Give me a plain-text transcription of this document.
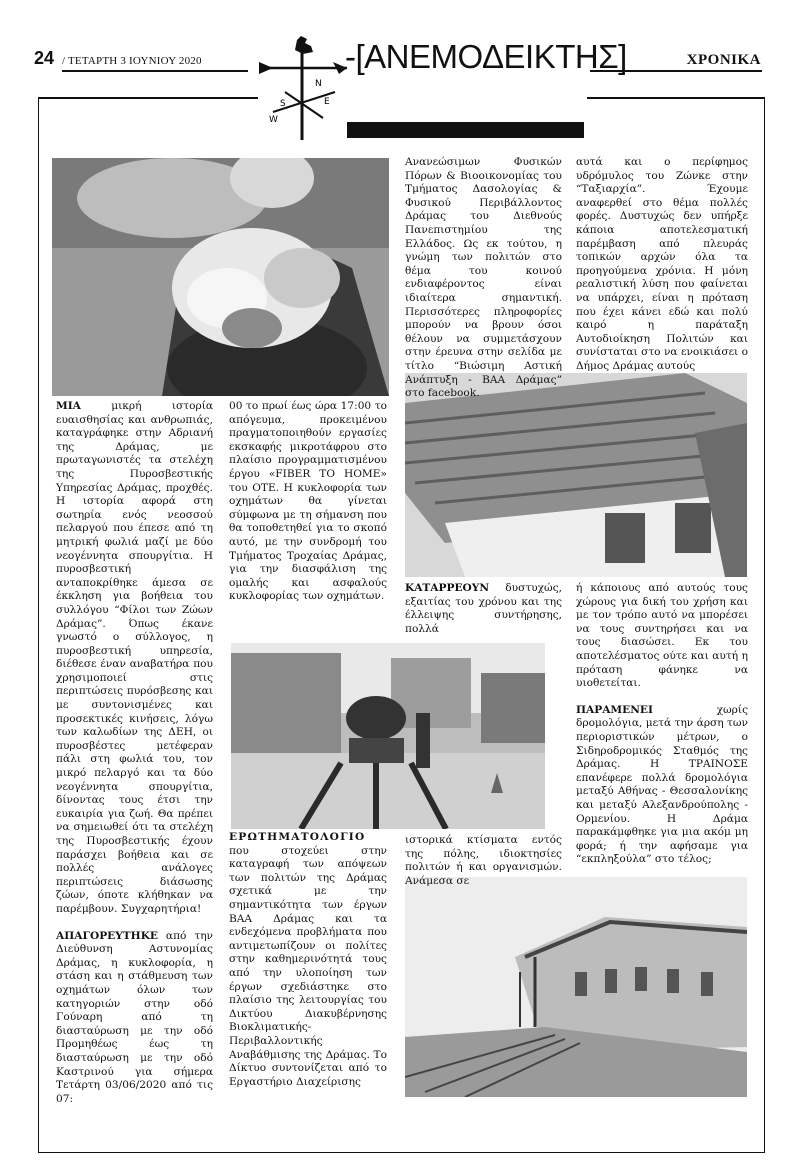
24 / ΤΕΤΑΡΤΗ 3 ΙΟΥΝΙΟΥ 2020
N
E
S
W
-[ΑΝΕΜΟΔΕΙΚΤΗΣ]	ΧΡΟΝΙΚΑ

ΜΙΑ	μικρή ιστορία ευαισθησίας και ανθρωπιάς, καταγράφηκε στην Αδριανή της Δράμας, με πρωταγωνιστές τα στελέχη της Πυροσβεστικής Υπηρεσίας Δράμας, προχθές. Η ιστορία αφορά στη σωτηρία ενός νεοσσού πελαργού που έπεσε από τη μητρική φωλιά μαζί με δύο νεογέννητα σπουργίτια. Η πυροσβεστική ανταποκρίθηκε άμεσα σε έκκληση για βοήθεια του συλλόγου “Φίλοι των Ζώων Δράμας”. Όπως έκανε γνωστό ο σύλλογος, η πυροσβεστική υπηρεσία, διέθεσε έναν αναβατήρα που χρησιμοποιεί στις περιπτώσεις πυρόσβεσης και με συντονισμένες και προσεκτικές κινήσεις, λόγω των καλωδίων της ΔΕΗ, οι πυροσβέστες μετέφεραν πάλι στη φωλιά του, τον μικρό πελαργό και τα δύο νεογέννητα σπουργίτια, δίνοντας τους έτσι την ευκαιρία για ζωή. Θα πρέπει να σημειωθεί ότι τα στελέχη της Πυροσβεστικής έχουν παράσχει βοήθεια και σε πολλές ανάλογες περιπτώσεις διάσωσης ζώων, όποτε κλήθηκαν να παρέμβουν. Συγχαρητήρια!

ΑΠΑΓΟΡΕΥΤΗΚΕ από την Διεύθυνση Αστυνομίας Δράμας, η κυκλοφορία, η στάση και η στάθμευση των οχημάτων όλων των κατηγοριών στην οδό Γούναρη από τη διασταύρωση με την οδό Προμηθέως έως τη διασταύρωση με την οδό Καστρινού για σήμερα Τετάρτη 03/06/2020 από τις 07:

00 το πρωί έως ώρα 17:00 το απόγευμα, προκειμένου πραγματοποιηθούν εργασίες εκσκαφής μικροτάφρου στο πλαίσιο προγραμματισμένου έργου «FIBER TO HOME» του ΟΤΕ. Η κυκλοφορία των οχημάτων θα γίνεται σύμφωνα με τη σήμανση που θα τοποθετηθεί για το σκοπό αυτό, με την συνδρομή του Τμήματος Τροχαίας Δράμας, για την διασφάλιση της ομαλής και ασφαλούς κυκλοφορίας των οχημάτων.

ΕΡΩΤΗΜΑΤΟΛΟΓΙΟ που στοχεύει στην καταγραφή των απόψεων των πολιτών της Δράμας σχετικά με την σημαντικότητα των έργων ΒΑΑ Δράμας και τα ενδεχόμενα προβλήματα που αντιμετωπίζουν οι πολίτες στην καθημερινότητά τους από την υλοποίηση των έργων σχεδιάστηκε στο πλαίσιο της λειτουργίας του Δικτύου Διακυβέρνησης Βιοκλιματικής- Περιβαλλοντικής Αναβάθμισης της Δράμας. Το Δίκτυο συντονίζεται από το Εργαστήριο Διαχείρισης

Ανανεώσιμων Φυσικών Πόρων & Βιοοικονομίας του Τμήματος Δασολογίας & Φυσικού Περιβάλλοντος Δράμας του Διεθνούς Πανεπιστημίου της Ελλάδος. Ως εκ τούτου, η γνώμη των πολιτών στο θέμα του κοινού ενδιαφέροντος είναι ιδιαίτερα σημαντική. Περισσότερες πληροφορίες μπορούν να βρουν όσοι θέλουν να συμμετάσχουν στην έρευνα στην σελίδα με τίτλο “Βιώσιμη Αστική Ανάπτυξη - ΒΑΑ Δράμας” στο facebook.

ΚΑΤΑΡΡΕΟΥΝ δυστυχώς, εξαιτίας του χρόνου και της έλλειψης συντήρησης, πολλά

ιστορικά κτίσματα εντός της πόλης, ιδιοκτησίες πολιτών ή και οργανισμών. Ανάμεσα σε

αυτά και ο περίφημος υδρόμυλος του Ζώνκε στην “Ταξιαρχία”. Έχουμε αναφερθεί στο θέμα πολλές φορές. Δυστυχώς δεν υπήρξε κάποια αποτελεσματική παρέμβαση από πλευράς τοπικών αρχών όλα τα προηγούμενα χρόνια. Η μόνη ρεαλιστική λύση που φαίνεται να υπάρχει, είναι η πρόταση που έχει κάνει εδώ και πολύ καιρό η παράταξη Αυτοδιοίκηση Πολιτών και συνίσταται στο να ενοικιάσει ο Δήμος Δράμας αυτούς

ή κάποιους από αυτούς τους χώρους για δική του χρήση και με τον τρόπο αυτό να μπορέσει να τους συντηρήσει και να τους διασώσει. Εκ του αποτελέσματος ούτε και αυτή η πρόταση φάνηκε να υιοθετείται.

ΠΑΡΑΜΕΝΕΙ	χωρίς δρομολόγια, μετά την άρση των περιοριστικών μέτρων, ο Σιδηροδρομικός Σταθμός της Δράμας. Η ΤΡΑΙΝΟΣΕ επανέφερε πολλά δρομολόγια μεταξύ Αθήνας - Θεσσαλονίκης και μεταξύ Αλεξανδρούπολης - Ορμενίου. Η Δράμα παρακάμφθηκε για μια ακόμ μη φορά; ή την αφήσαμε για “εκπληξούλα” στο τέλος;
